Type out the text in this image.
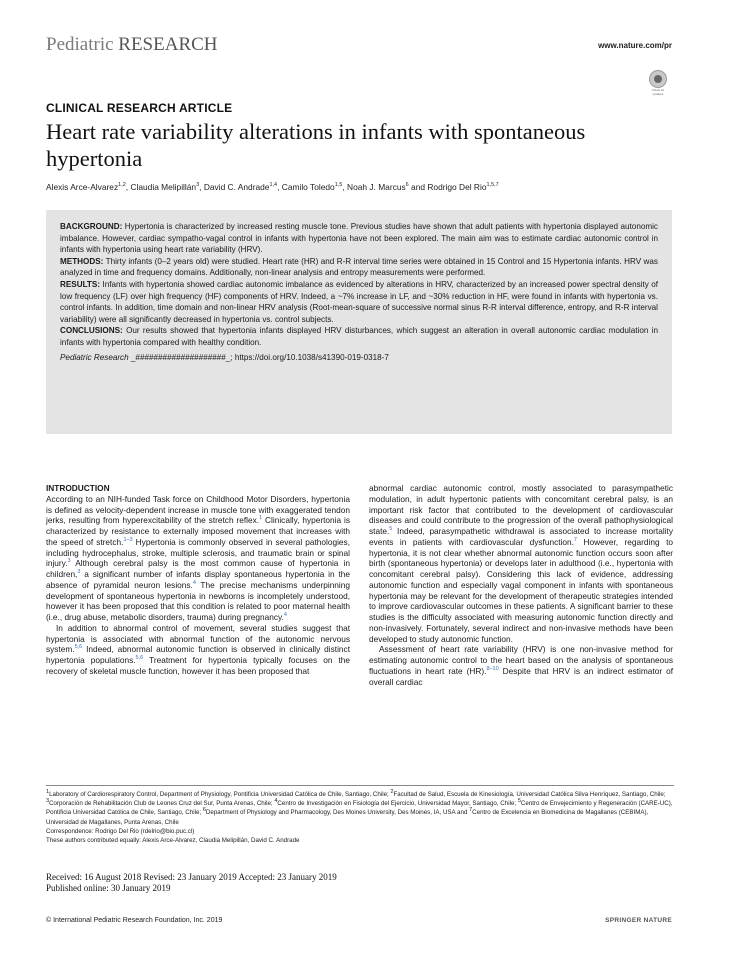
Pediatric RESEARCH	www.nature.com/pr
Check for updates
CLINICAL RESEARCH ARTICLE
Heart rate variability alterations in infants with spontaneous hypertonia
Alexis Arce-Alvarez$^{1,2}$, Claudia Melipillán$^3$, David C. Andrade$^{1,4}$, Camilo Toledo$^{1,5}$, Noah J. Marcus$^6$ and Rodrigo Del Rio$^{1,5,7}$

BACKGROUND: Hypertonia is characterized by increased resting muscle tone. Previous studies have shown that adult patients with hypertonia displayed autonomic imbalance. However, cardiac sympatho-vagal control in infants with hypertonia have not been explored. The main aim was to estimate cardiac autonomic control in infants with hypertonia using heart rate variability (HRV).

METHODS: Thirty infants (0–2 years old) were studied. Heart rate (HR) and R-R interval time series were obtained in 15 Control and 15 Hypertonia infants. HRV was analyzed in time and frequency domains. Additionally, non-linear analysis and entropy measurements were performed.

RESULTS: Infants with hypertonia showed cardiac autonomic imbalance as evidenced by alterations in HRV, characterized by an increased power spectral density of low frequency (LF) over high frequency (HF) components of HRV. Indeed, a ~7% increase in LF, and ~30% reduction in HF, were found in infants with hypertonia vs. control infants. In addition, time domain and non-linear HRV analysis (Root-mean-square of successive normal sinus R-R interval difference, entropy, and R-R interval variability) were all significantly decreased in hypertonia vs. control subjects.

CONCLUSIONS: Our results showed that hypertonia infants displayed HRV disturbances, which suggest an alteration in overall autonomic cardiac modulation in infants with hypertonia compared with healthy condition.

Pediatric Research _####################_; https://doi.org/10.1038/s41390-019-0318-7

INTRODUCTION

According to an NIH-funded Task force on Childhood Motor Disorders, hypertonia is defined as velocity-dependent increase in muscle tone with exaggerated tendon jerks, resulting from hyperexcitability of the stretch reflex.$^1$ Clinically, hypertonia is characterized by resistance to externally imposed movement that increases with the speed of stretch.$^{1-3}$ Hypertonia is commonly observed in several pathologies, including hydrocephalus, stroke, multiple sclerosis, and traumatic brain or spinal injury.$^3$ Although cerebral palsy is the most common cause of hypertonia in children,$^3$ a significant number of infants display spontaneous hypertonia in the absence of pyramidal neuron lesions.$^4$ The precise mechanisms underpinning development of spontaneous hypertonia in newborns is incompletely understood, however it has been proposed that this condition is related to poor maternal health (i.e., drug abuse, metabolic disorders, trauma) during pregnancy.$^4$

In addition to abnormal control of movement, several studies suggest that hypertonia is associated with abnormal function of the autonomic nervous system.$^{5,6}$ Indeed, abnormal autonomic function is observed in clinically distinct hypertonia populations.$^{5,6}$ Treatment for hypertonia typically focuses on the recovery of skeletal muscle function, however it has been proposed that

abnormal cardiac autonomic control, mostly associated to parasympathetic modulation, in adult hypertonic patients with concomitant cerebral palsy, is an important risk factor that contributed to the development of cardiovascular diseases and could contribute to the progression of the overall pathophysiological state.$^5$ Indeed, parasympathetic withdrawal is associated to increase mortality events in patients with cardiovascular dysfunction.$^7$ However, regarding to hypertonia, it is not clear whether abnormal autonomic function occurs soon after birth (spontaneous hypertonia) or develops later in adulthood (i.e., hypertonia with concomitant cerebral palsy). Considering this lack of evidence, addressing autonomic function and especially vagal component in infants with spontaneous hypertonia may be relevant for the development of therapeutic strategies intended to improve cardiovascular outcomes in these patients. A significant barrier to these studies is the difficulty associated with measuring autonomic function directly and non-invasively. Fortunately, several indirect and non-invasive methods have been developed to study autonomic function.

Assessment of heart rate variability (HRV) is one non-invasive method for estimating autonomic control to the heart based on the analysis of spontaneous fluctuations in heart rate (HR).$^{8-10}$ Despite that HRV is an indirect estimator of overall cardiac

$^1$Laboratory of Cardiorespiratory Control, Department of Physiology, Pontificia Universidad Católica de Chile, Santiago, Chile; $^2$Facultad de Salud, Escuela de Kinesiología, Universidad Católica Silva Henríquez, Santiago, Chile; $^3$Corporación de Rehabilitación Club de Leones Cruz del Sur, Punta Arenas, Chile; $^4$Centro de Investigación en Fisiología del Ejercicio, Universidad Mayor, Santiago, Chile; $^5$Centro de Envejecimiento y Regeneración (CARE-UC), Pontificia Universidad Católica de Chile, Santiago, Chile; $^6$Department of Physiology and Pharmacology, Des Moines University, Des Moines, IA, USA and $^7$Centro de Excelencia en Biomedicina de Magallanes (CEBIMA), Universidad de Magallanes, Punta Arenas, Chile

Correspondence: Rodrigo Del Rio (rdelrio@bio.puc.cl)

These authors contributed equally: Alexis Arce-Alvarez, Claudia Melipillán, David C. Andrade

Received: 16 August 2018 Revised: 23 January 2019 Accepted: 23 January 2019

Published online: 30 January 2019

© International Pediatric Research Foundation, Inc. 2019	SPRINGER NATURE
